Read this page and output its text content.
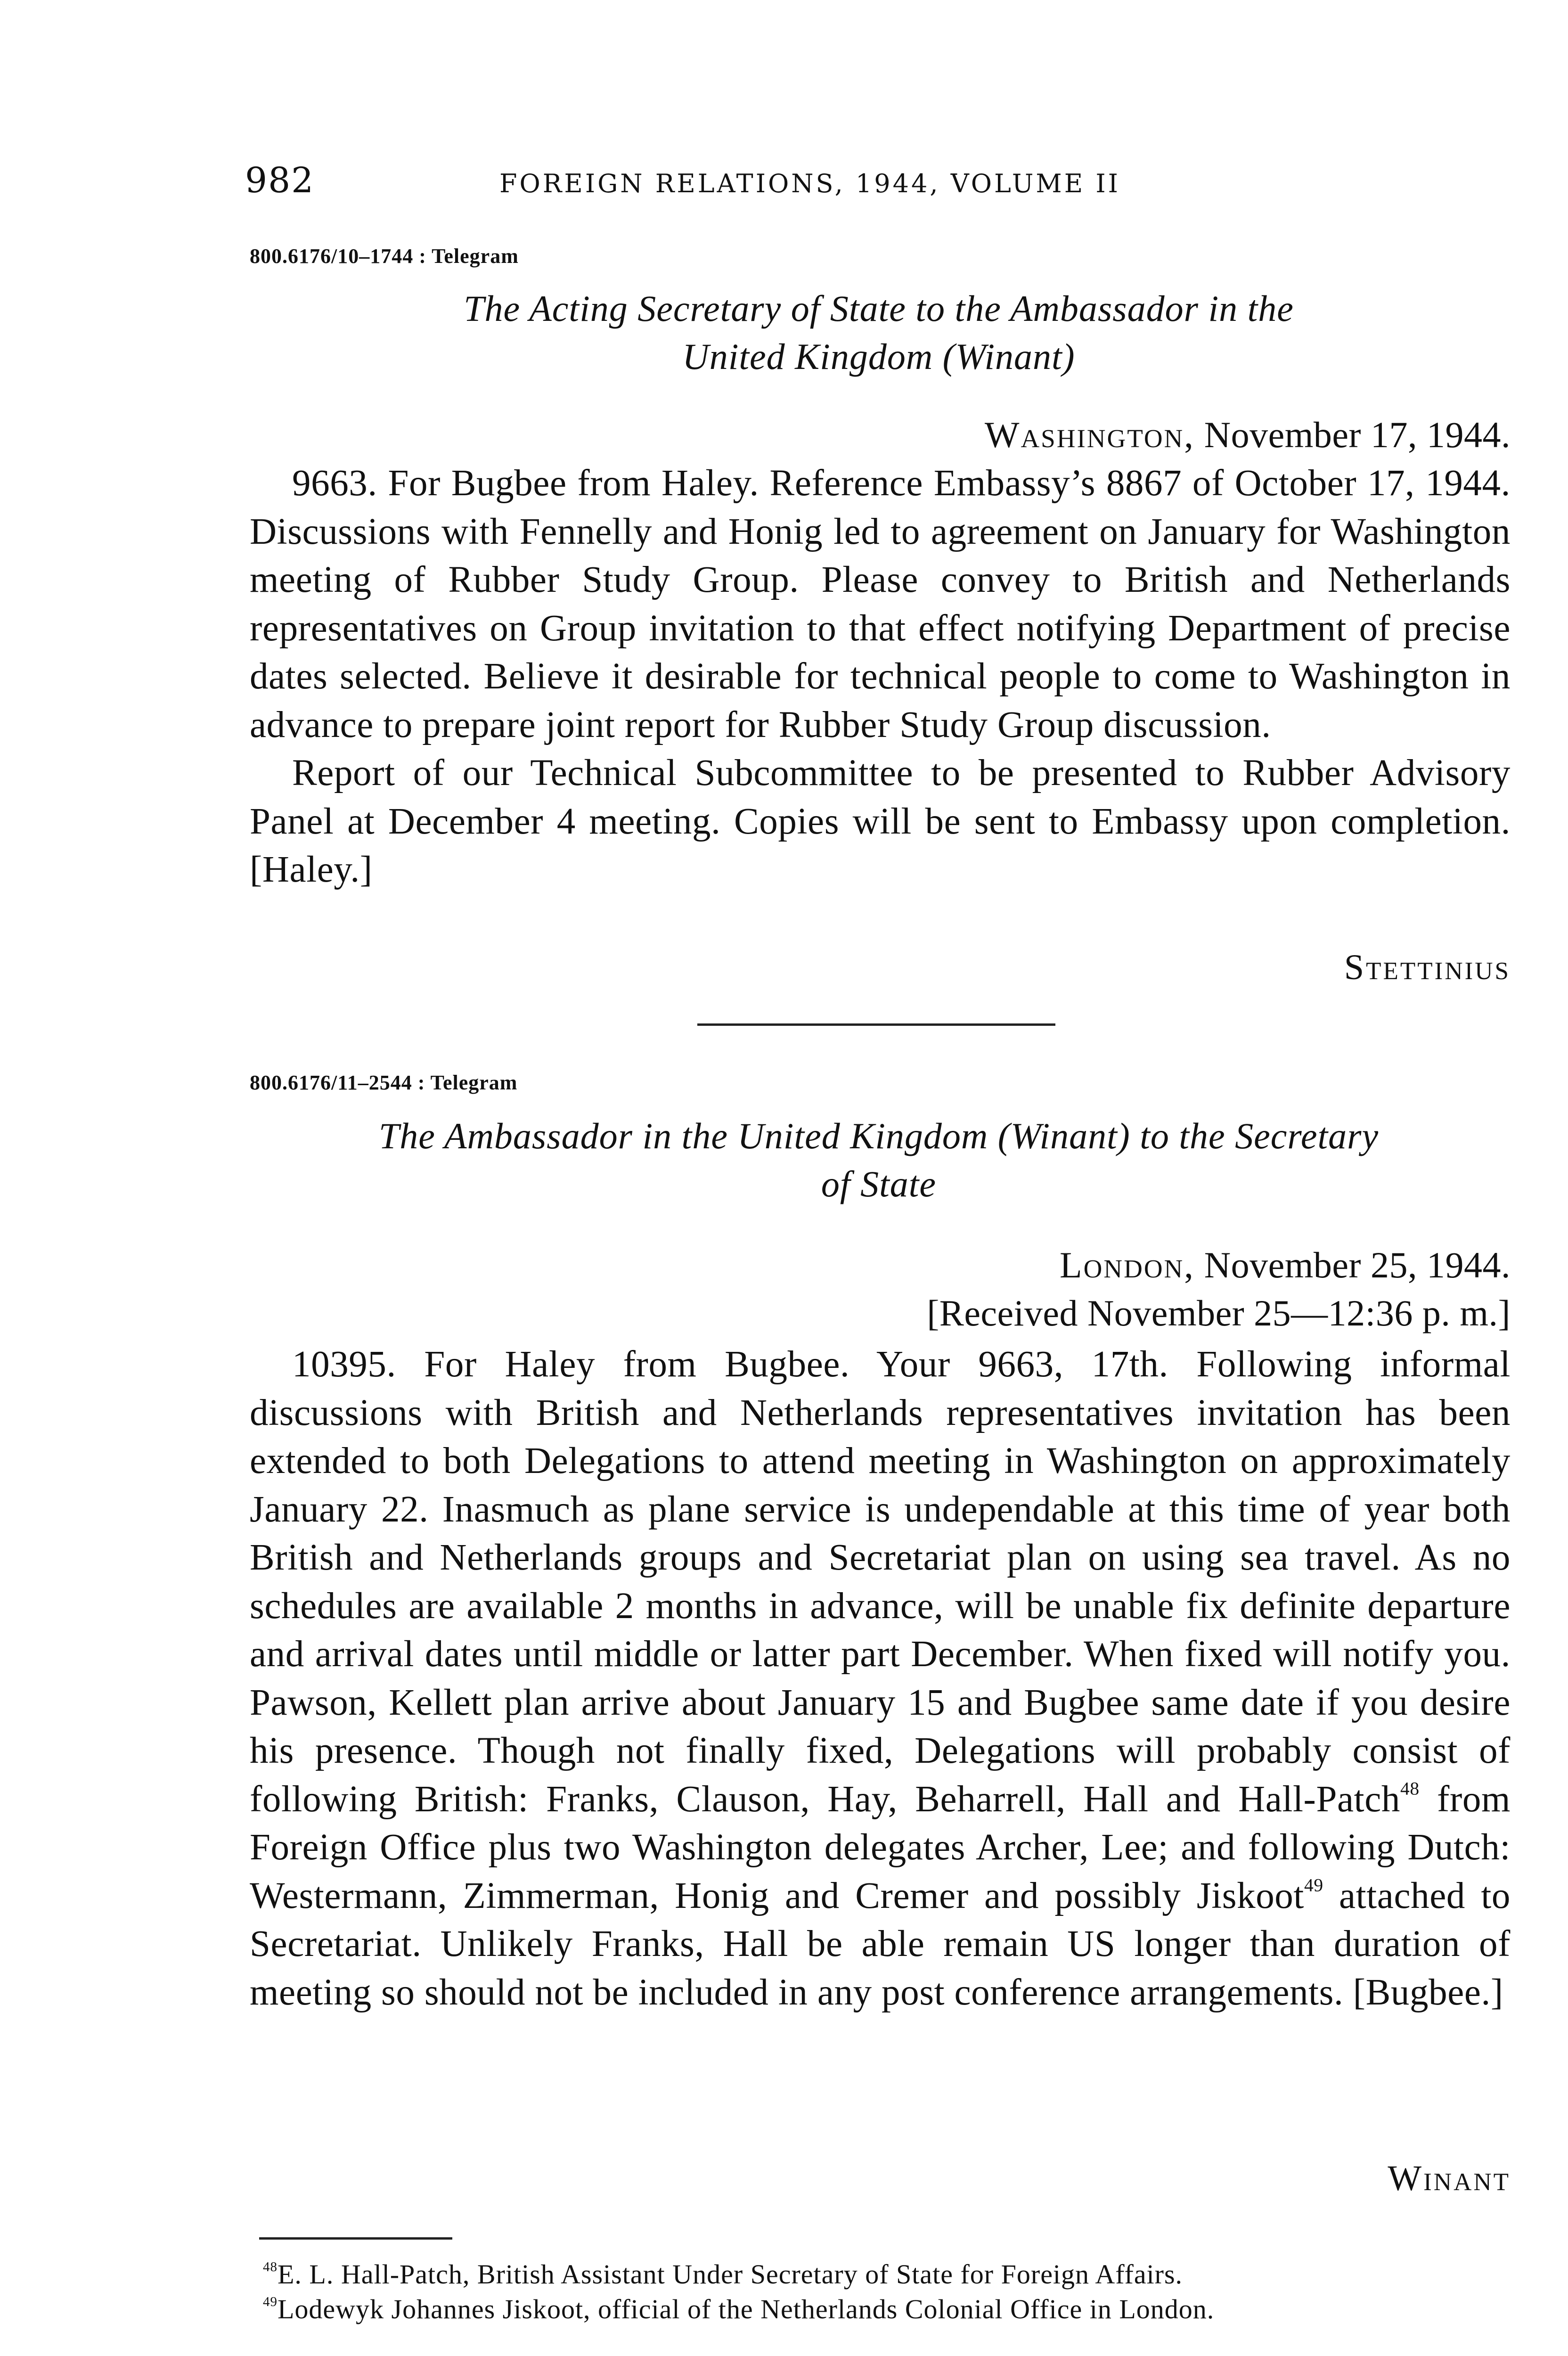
982	FOREIGN RELATIONS, 1944, VOLUME II
800.6176/10–1744 : Telegram
The Acting Secretary of State to the Ambassador in the
United Kingdom (Winant)
Washington, November 17, 1944.

9663. For Bugbee from Haley. Reference Embassy’s 8867 of October 17, 1944. Discussions with Fennelly and Honig led to agreement on January for Washington meeting of Rubber Study Group. Please convey to British and Netherlands representatives on Group invitation to that effect notifying Department of precise dates selected. Believe it desirable for technical people to come to Washington in advance to prepare joint report for Rubber Study Group discussion.

Report of our Technical Subcommittee to be presented to Rubber Advisory Panel at December 4 meeting. Copies will be sent to Embassy upon completion. [Haley.]

Stettinius
800.6176/11–2544 : Telegram
The Ambassador in the United Kingdom (Winant) to the Secretary
of State
London, November 25, 1944.
[Received November 25—12:36 p. m.]

10395. For Haley from Bugbee. Your 9663, 17th. Following informal discussions with British and Netherlands representatives invitation has been extended to both Delegations to attend meeting in Washington on approximately January 22. Inasmuch as plane service is undependable at this time of year both British and Netherlands groups and Secretariat plan on using sea travel. As no schedules are available 2 months in advance, will be unable fix definite departure and arrival dates until middle or latter part December. When fixed will notify you. Pawson, Kellett plan arrive about January 15 and Bugbee same date if you desire his presence. Though not finally fixed, Delegations will probably consist of following British: Franks, Clauson, Hay, Beharrell, Hall and Hall-Patch$^{48}$ from Foreign Office plus two Washington delegates Archer, Lee; and following Dutch: Westermann, Zimmerman, Honig and Cremer and possibly Jiskoot$^{49}$ attached to Secretariat. Unlikely Franks, Hall be able remain US longer than duration of meeting so should not be included in any post conference arrangements. [Bugbee.]

Winant

$^{48}$E. L. Hall-Patch, British Assistant Under Secretary of State for Foreign Affairs.

$^{49}$Lodewyk Johannes Jiskoot, official of the Netherlands Colonial Office in London.
